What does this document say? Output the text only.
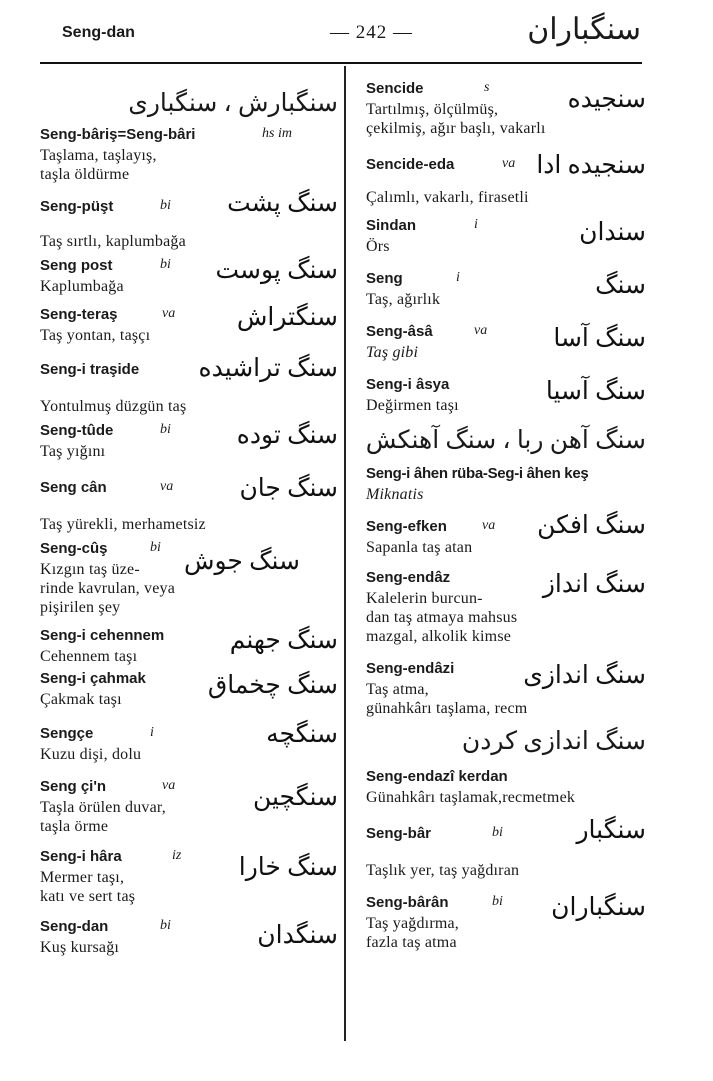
Seng-dan	— 242 —	سنگباران
سنگبارش ، سنگباری
Seng-bâriş=Seng-bâri	hs im
Taşlama, taşlayış,
taşla öldürme
Seng-püşt	bi سنگ پشت
Taş sırtlı, kaplumbağa
Seng post	bi سنگ پوست
Kaplumbağa
Seng-teraş	va سنگتراش
Taş yontan, taşçı
Seng-i traşide سنگ تراشیده
Yontulmuş düzgün taş
Seng-tûde	bi	سنگ توده
Taş yığını
Seng cân	va	سنگ جان
Taş yürekli, merhametsiz
Seng-cûş	bi
سنگ جوش
Kızgın taş üze-
rinde kavrulan, veya
pişirilen şey
Seng-i cehennem	سنگ جهنم
Cehennem taşı
Seng-i çahmak سنگ چخماق
Çakmak taşı
Sengçe	i	سنگچه
Kuzu dişi, dolu
Seng çi'n	va	سنگچین
Taşla örülen duvar,
taşla örme
Seng-i hâra	iz سنگ خارا
Mermer taşı,
katı ve sert taş
Seng-dan	bi	سنگدان
Kuş kursağı
Sencide	s	سنجیده
Tartılmış, ölçülmüş,
çekilmiş, ağır başlı, vakarlı
Sencide-eda	va سنجیده ادا
Çalımlı, vakarlı, firasetli
Sindan	i	سندان
Örs
Seng	i	سنگ
Taş, ağırlık
Seng-âsâ	va	سنگ آسا
Taş gibi
Seng-i âsya	سنگ آسیا
Değirmen taşı
سنگ آهن ربا ، سنگ آهنکش
Seng-i âhen rüba-Seg-i âhen keş
Miknatis
Seng-efken	va سنگ افکن
Sapanla taş atan
Seng-endâz	سنگ انداز
Kalelerin burcun-
dan taş atmaya mahsus
mazgal, alkolik kimse
Seng-endâzi	سنگ اندازی
Taş atma,
günahkârı taşlama, recm
سنگ اندازی کردن
Seng-endazî kerdan
Günahkârı taşlamak,recmetmek
Seng-bâr	bi	سنگبار
Taşlık yer, taş yağdıran
Seng-bârân	bi سنگباران
Taş yağdırma,
fazla taş atma
